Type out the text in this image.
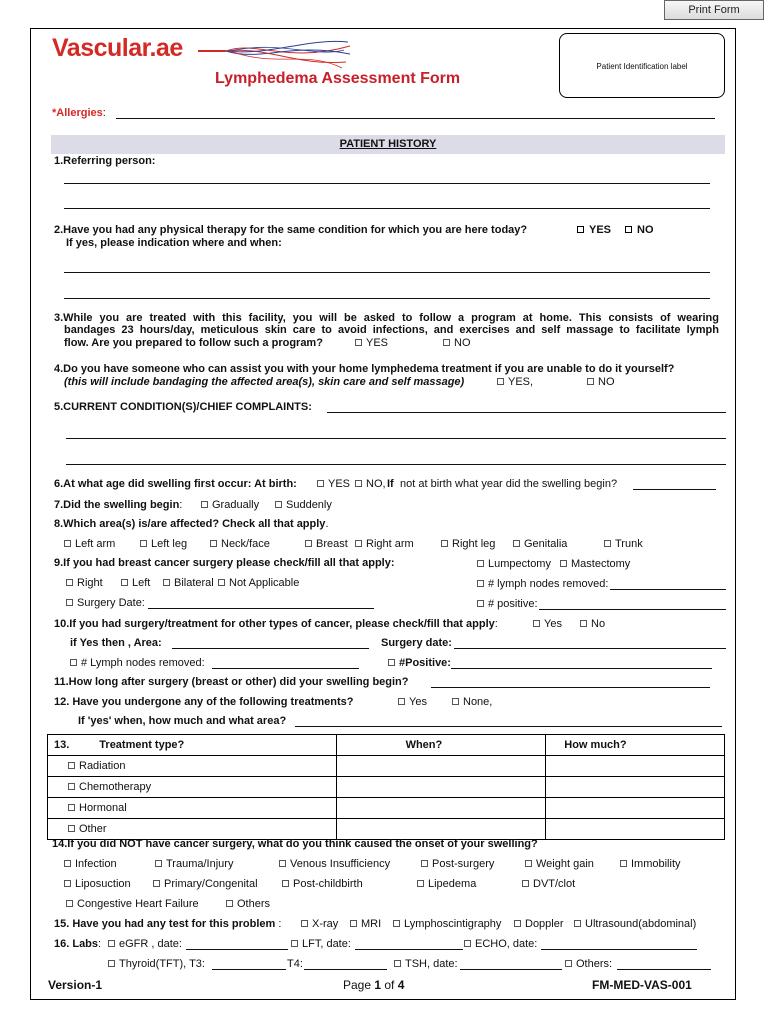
Print Form
Vascular.ae
Lymphedema Assessment Form
Patient Identification label
*Allergies:
PATIENT HISTORY
1.Referring person:
2.Have you had any physical therapy for the same condition for which you are here today?	YES	NO
If yes, please indication where and when:
3.While you are treated with this facility, you will be asked to follow a program at home. This consists of wearing
bandages 23 hours/day, meticulous skin care to avoid infections, and exercises and self massage to facilitate lymph
flow. Are you prepared to follow such a program?	YES	NO
4.Do you have someone who can assist you with your home lymphedema treatment if you are unable to do it yourself?
(this will include bandaging the affected area(s), skin care and self massage)	YES,	NO
5.CURRENT CONDITION(S)/CHIEF COMPLAINTS:
6.At what age did swelling first occur: At birth:	YES	NO, If not at birth what year did the swelling begin?
7.Did the swelling begin:	Gradually	Suddenly
8.Which area(s) is/are affected? Check all that apply.
Left arm	Left leg	Neck/face	Breast	Right arm	Right leg	Genitalia	Trunk
9.If you had breast cancer surgery please check/fill all that apply:	Lumpectomy	Mastectomy
Right	Left	Bilateral	Not Applicable	# lymph nodes removed:
Surgery Date:	# positive:
10.If you had surgery/treatment for other types of cancer, please check/fill that apply:	Yes	No
if Yes then , Area:	Surgery date:
# Lymph nodes removed:	#Positive:
11.How long after surgery (breast or other) did your swelling begin?
12. Have you undergone any of the following treatments?	Yes	None,
If 'yes' when, how much and what area?
13. Treatment type?	When?	How much?
Radiation		
Chemotherapy		
Hormonal		
Other		
14.If you did NOT have cancer surgery, what do you think caused the onset of your swelling?
Infection	Trauma/Injury	Venous Insufficiency	Post-surgery	Weight gain	Immobility
Liposuction	Primary/Congenital	Post-childbirth	Lipedema	DVT/clot
Congestive Heart Failure	Others
15. Have you had any test for this problem :	X-ray	MRI	Lymphoscintigraphy	Doppler	Ultrasound(abdominal)
16. Labs:	eGFR , date:	LFT, date:	ECHO, date:
Thyroid(TFT), T3:	T4:	TSH, date:	Others:
Version-1	Page 1 of 4	FM-MED-VAS-001
